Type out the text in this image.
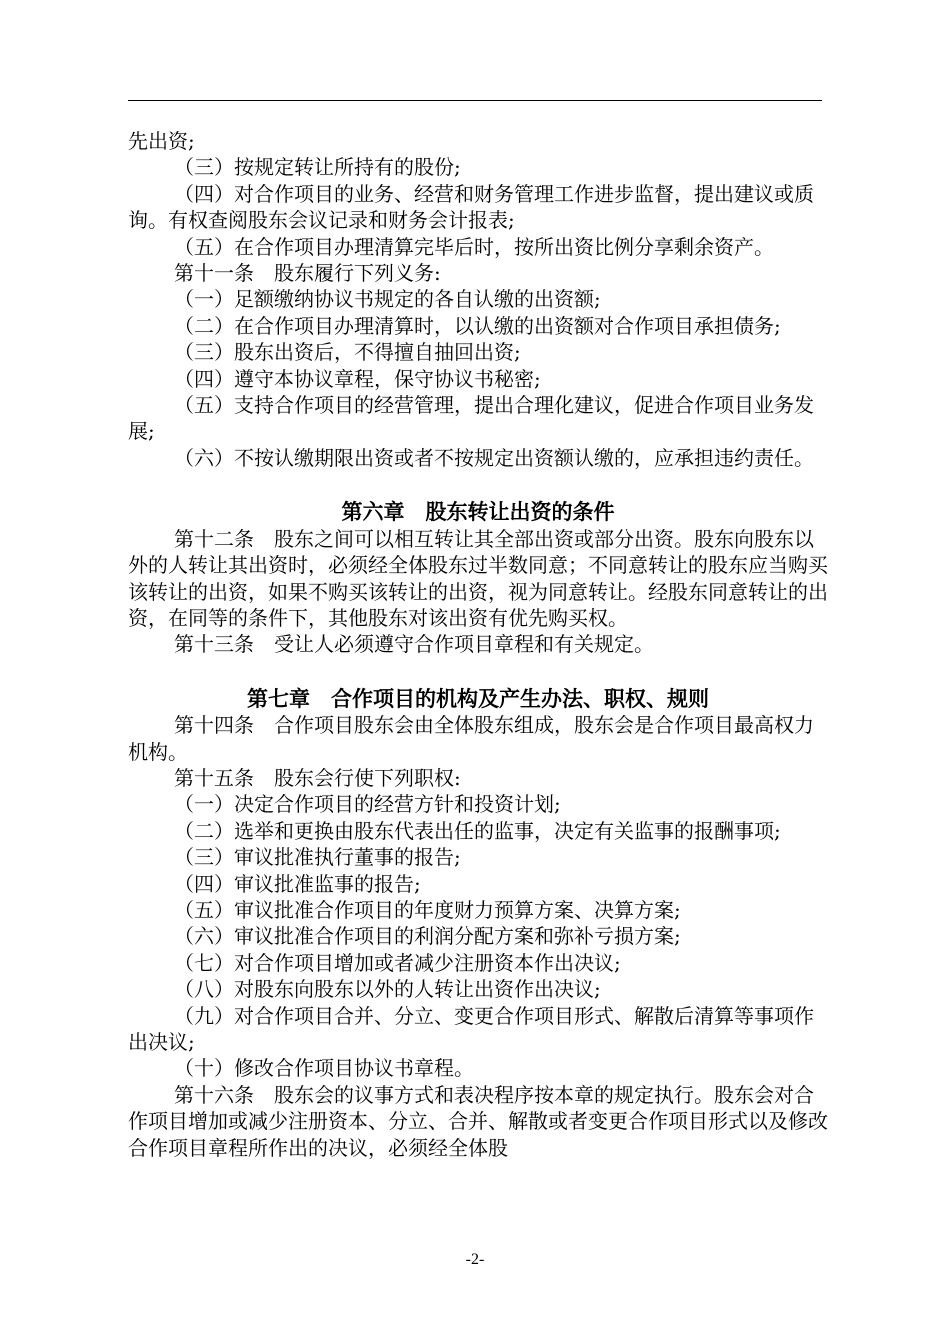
先出资;

（三）按规定转让所持有的股份;

（四）对合作项目的业务、经营和财务管理工作进步监督，提出建议或质询。有权查阅股东会议记录和财务会计报表;

（五）在合作项目办理清算完毕后时，按所出资比例分享剩余资产。

第十一条　股东履行下列义务:

（一）足额缴纳协议书规定的各自认缴的出资额;

（二）在合作项目办理清算时，以认缴的出资额对合作项目承担债务;

（三）股东出资后，不得擅自抽回出资;

（四）遵守本协议章程，保守协议书秘密;

（五）支持合作项目的经营管理，提出合理化建议，促进合作项目业务发展;

（六）不按认缴期限出资或者不按规定出资额认缴的，应承担违约责任。

第六章　股东转让出资的条件

第十二条　股东之间可以相互转让其全部出资或部分出资。股东向股东以外的人转让其出资时，必须经全体股东过半数同意；不同意转让的股东应当购买该转让的出资，如果不购买该转让的出资，视为同意转让。经股东同意转让的出资，在同等的条件下，其他股东对该出资有优先购买权。

第十三条　受让人必须遵守合作项目章程和有关规定。

第七章　合作项目的机构及产生办法、职权、规则

第十四条　合作项目股东会由全体股东组成，股东会是合作项目最高权力机构。

第十五条　股东会行使下列职权:

（一）决定合作项目的经营方针和投资计划;

（二）选举和更换由股东代表出任的监事，决定有关监事的报酬事项;

（三）审议批准执行董事的报告;

（四）审议批准监事的报告;

（五）审议批准合作项目的年度财力预算方案、决算方案;

（六）审议批准合作项目的利润分配方案和弥补亏损方案;

（七）对合作项目增加或者减少注册资本作出决议;

（八）对股东向股东以外的人转让出资作出决议;

（九）对合作项目合并、分立、变更合作项目形式、解散后清算等事项作出决议;

（十）修改合作项目协议书章程。

第十六条　股东会的议事方式和表决程序按本章的规定执行。股东会对合作项目增加或减少注册资本、分立、合并、解散或者变更合作项目形式以及修改合作项目章程所作出的决议，必须经全体股

-2-
